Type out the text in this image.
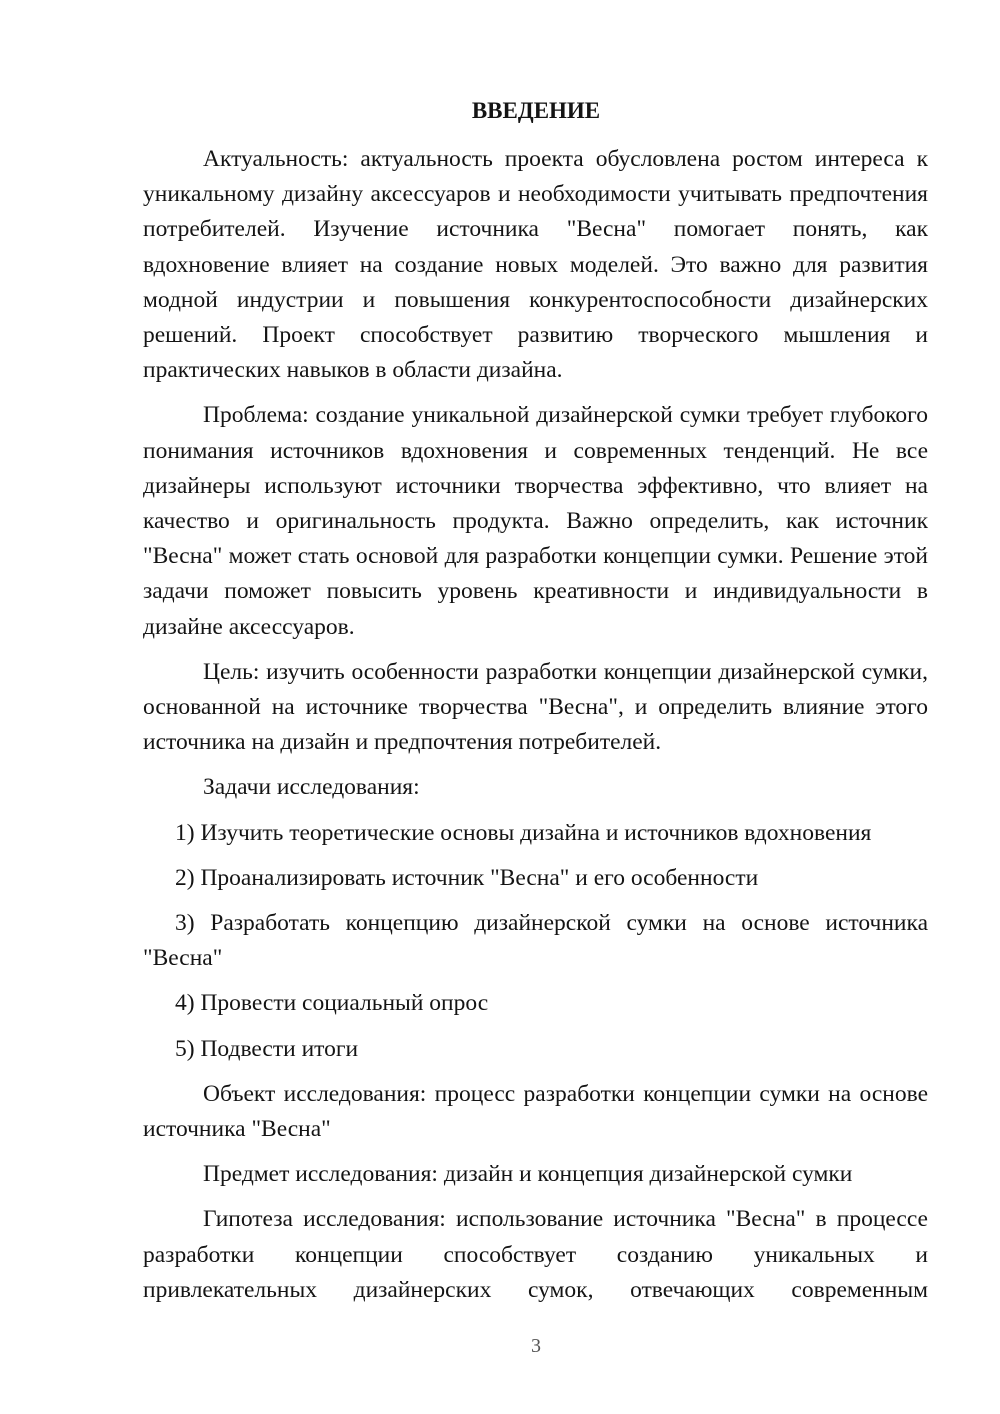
ВВЕДЕНИЕ

Актуальность: актуальность проекта обусловлена ростом интереса к уникальному дизайну аксессуаров и необходимости учитывать предпочтения потребителей. Изучение источника "Весна" помогает понять, как вдохновение влияет на создание новых моделей. Это важно для развития модной индустрии и повышения конкурентоспособности дизайнерских решений. Проект способствует развитию творческого мышления и практических навыков в области дизайна.

Проблема: создание уникальной дизайнерской сумки требует глубокого понимания источников вдохновения и современных тенденций. Не все дизайнеры используют источники творчества эффективно, что влияет на качество и оригинальность продукта. Важно определить, как источник "Весна" может стать основой для разработки концепции сумки. Решение этой задачи поможет повысить уровень креативности и индивидуальности в дизайне аксессуаров.

Цель: изучить особенности разработки концепции дизайнерской сумки, основанной на источнике творчества "Весна", и определить влияние этого источника на дизайн и предпочтения потребителей.

Задачи исследования:

1) Изучить теоретические основы дизайна и источников вдохновения

2) Проанализировать источник "Весна" и его особенности

3) Разработать концепцию дизайнерской сумки на основе источника "Весна"

4) Провести социальный опрос

5) Подвести итоги

Объект исследования: процесс разработки концепции сумки на основе источника "Весна"

Предмет исследования: дизайн и концепция дизайнерской сумки

Гипотеза исследования: использование источника "Весна" в процессе разработки концепции способствует созданию уникальных и привлекательных дизайнерских сумок, отвечающих современным

3
